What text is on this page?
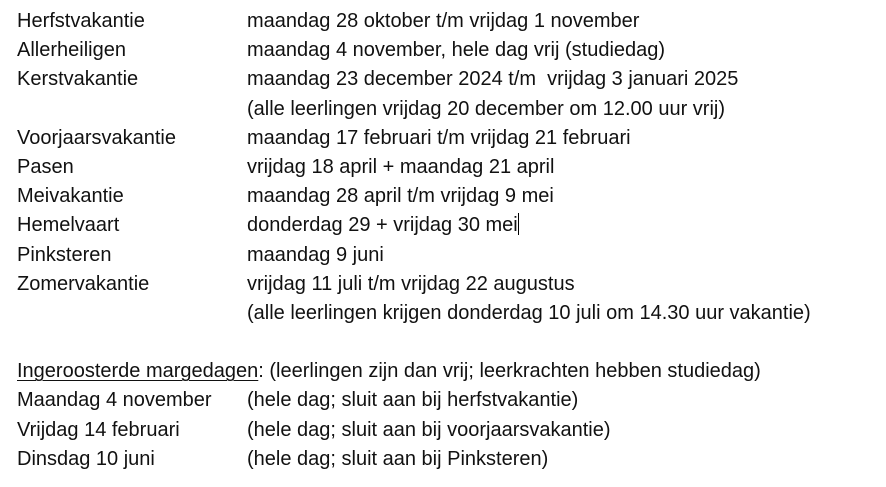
Herfstvakantie	maandag 28 oktober t/m vrijdag 1 november
Allerheiligen	maandag 4 november, hele dag vrij (studiedag)
Kerstvakantie	maandag 23 december 2024 t/m  vrijdag 3 januari 2025
(alle leerlingen vrijdag 20 december om 12.00 uur vrij)
Voorjaarsvakantie	maandag 17 februari t/m vrijdag 21 februari
Pasen	vrijdag 18 april + maandag 21 april
Meivakantie	maandag 28 april t/m vrijdag 9 mei
Hemelvaart	donderdag 29 + vrijdag 30 mei
Pinksteren	maandag 9 juni
Zomervakantie	vrijdag 11 juli t/m vrijdag 22 augustus
(alle leerlingen krijgen donderdag 10 juli om 14.30 uur vakantie)
Ingeroosterde margedagen: (leerlingen zijn dan vrij; leerkrachten hebben studiedag)
Maandag 4 november	(hele dag; sluit aan bij herfstvakantie)
Vrijdag 14 februari	(hele dag; sluit aan bij voorjaarsvakantie)
Dinsdag 10 juni	(hele dag; sluit aan bij Pinksteren)
